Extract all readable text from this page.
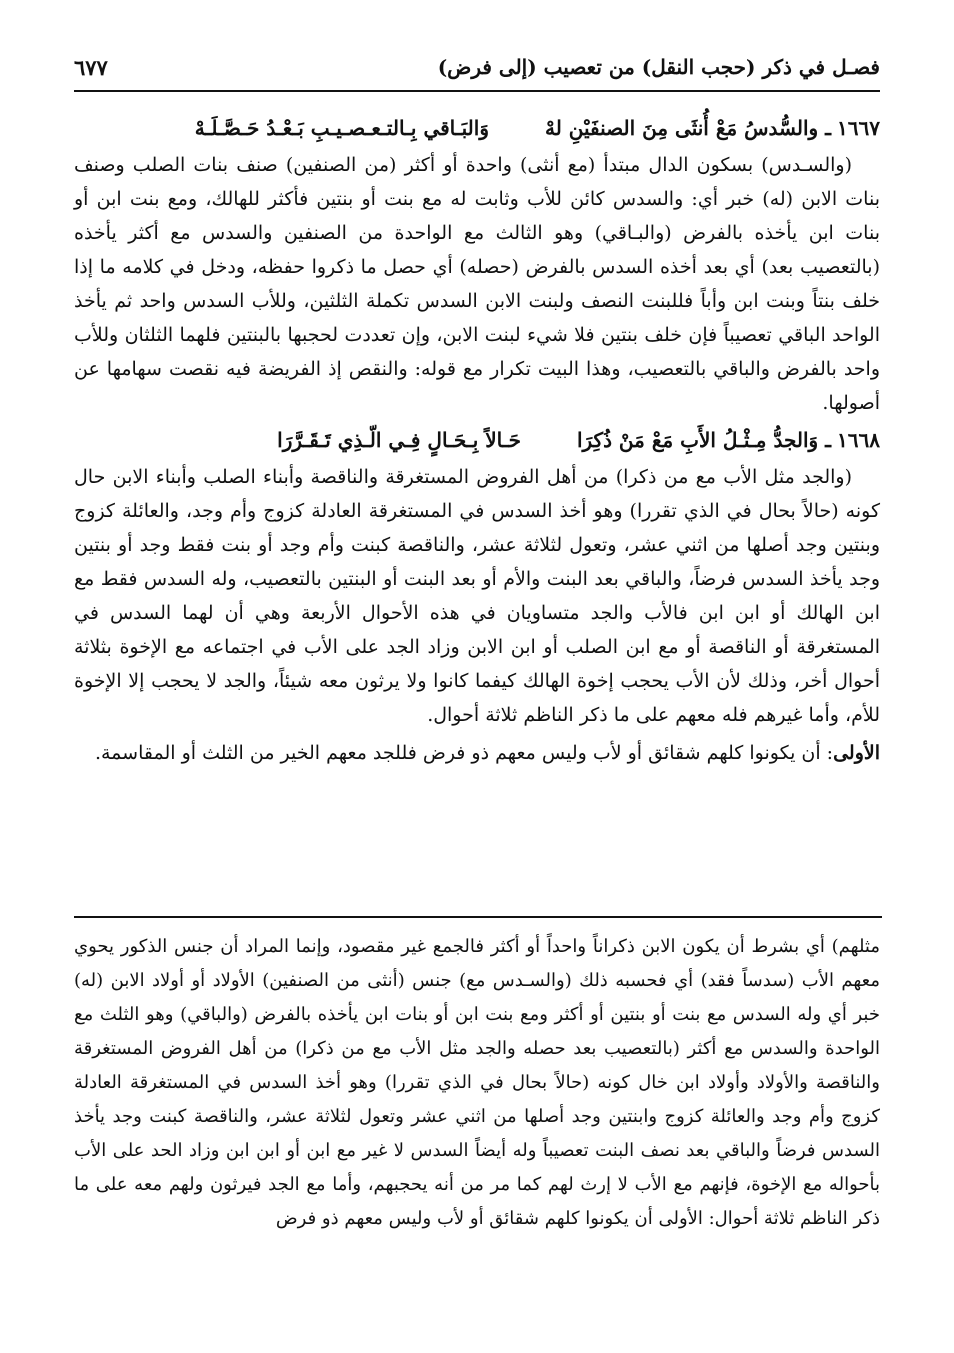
فصـل في ذكر (حجب النقل) من تعصيب (إلى فرض)
٦٧٧
١٦٦٧
ـ والسُّدسُ مَعْ أُنثَى مِنَ الصنفَيْنِ لهْ
وَالبَـاقي بِـالتـعـصـيـبِ بَـعْـدُ حَـصَّـلَـهْ

(والسـدس) بسكون الدال مبتدأ (مع أنثى) واحدة أو أكثر (من الصنفين) صنف بنات الصلب وصنف بنات الابن (له) خبر أي: والسدس كائن للأب وثابت له مع بنت أو بنتين فأكثر للهالك، ومع بنت ابن أو بنات ابن يأخذه بالفرض (والبـاقي) وهو الثالث مع الواحدة من الصنفين والسدس مع أكثر يأخذه (بالتعصيب بعد) أي بعد أخذه السدس بالفرض (حصله) أي حصل ما ذكروا حفظه، ودخل في كلامه ما إذا خلف بنتاً وبنت ابن وأباً فللبنت النصف ولبنت الابن السدس تكملة الثلثين، وللأب السدس واحد ثم يأخذ الواحد الباقي تعصيباً فإن خلف بنتين فلا شيء لبنت الابن، وإن تعددت لحجبها بالبنتين فلهما الثلثان وللأب واحد بالفرض والباقي بالتعصيب، وهذا البيت تكرار مع قوله: والنقص إذ الفريضة فيه نقصت سهامها عن أصولها.

١٦٦٨
ـ وَالجدُّ مِـثْـلُ الأَبِ مَعْ مَنْ ذُكِرَا
حَـالاً بِـحَـالٍ فِـي الّـذِي تَـقَـرَّرَا

(والجد مثل الأب مع من ذكرا) من أهل الفروض المستغرقة والناقصة وأبناء الصلب وأبناء الابن حال كونه (حالاً بحال في الذي تقررا) وهو أخذ السدس في المستغرقة العادلة كزوج وأم وجد، والعائلة كزوج وبنتين وجد أصلها من اثني عشر، وتعول لثلاثة عشر، والناقصة كبنت وأم وجد أو بنت فقط وجد أو بنتين وجد يأخذ السدس فرضاً، والباقي بعد البنت والأم أو بعد البنت أو البنتين بالتعصيب، وله السدس فقط مع ابن الهالك أو ابن ابن فالأب والجد متساويان في هذه الأحوال الأربعة وهي أن لهما السدس في المستغرقة أو الناقصة أو مع ابن الصلب أو ابن الابن وزاد الجد على الأب في اجتماعه مع الإخوة بثلاثة أحوال أخر، وذلك لأن الأب يحجب إخوة الهالك كيفما كانوا ولا يرثون معه شيئاً، والجد لا يحجب إلا الإخوة للأم، وأما غيرهم فله معهم على ما ذكر الناظم ثلاثة أحوال.

الأولى: أن يكونوا كلهم شقائق أو لأب وليس معهم ذو فرض فللجد معهم الخير من الثلث أو المقاسمة.

مثلهم) أي بشرط أن يكون الابن ذكراناً واحداً أو أكثر فالجمع غير مقصود، وإنما المراد أن جنس الذكور يحوي معهم الأب (سدساً فقد) أي فحسبه ذلك (والسـدس مع) جنس (أنثى من الصنفين) الأولاد أو أولاد الابن (له) خبر أي وله السدس مع بنت أو بنتين أو أكثر ومع بنت ابن أو بنات ابن يأخذه بالفرض (والباقي) وهو الثلث مع الواحدة والسدس مع أكثر (بالتعصيب بعد حصله والجد مثل الأب مع من ذكرا) من أهل الفروض المستغرقة والناقصة والأولاد وأولاد ابن خال كونه (حالاً بحال في الذي تقررا) وهو أخذ السدس في المستغرقة العادلة كزوج وأم وجد والعائلة كزوج وابنتين وجد أصلها من اثني عشر وتعول لثلاثة عشر، والناقصة كبنت وجد يأخذ السدس فرضاً والباقي بعد نصف البنت تعصيباً وله أيضاً السدس لا غير مع ابن أو ابن ابن وزاد الحد على الأب بأحواله مع الإخوة، فإنهم مع الأب لا إرث لهم كما مر من أنه يحجبهم، وأما مع الجد فيرثون ولهم معه على ما ذكر الناظم ثلاثة أحوال: الأولى أن يكونوا كلهم شقائق أو لأب وليس معهم ذو فرض
